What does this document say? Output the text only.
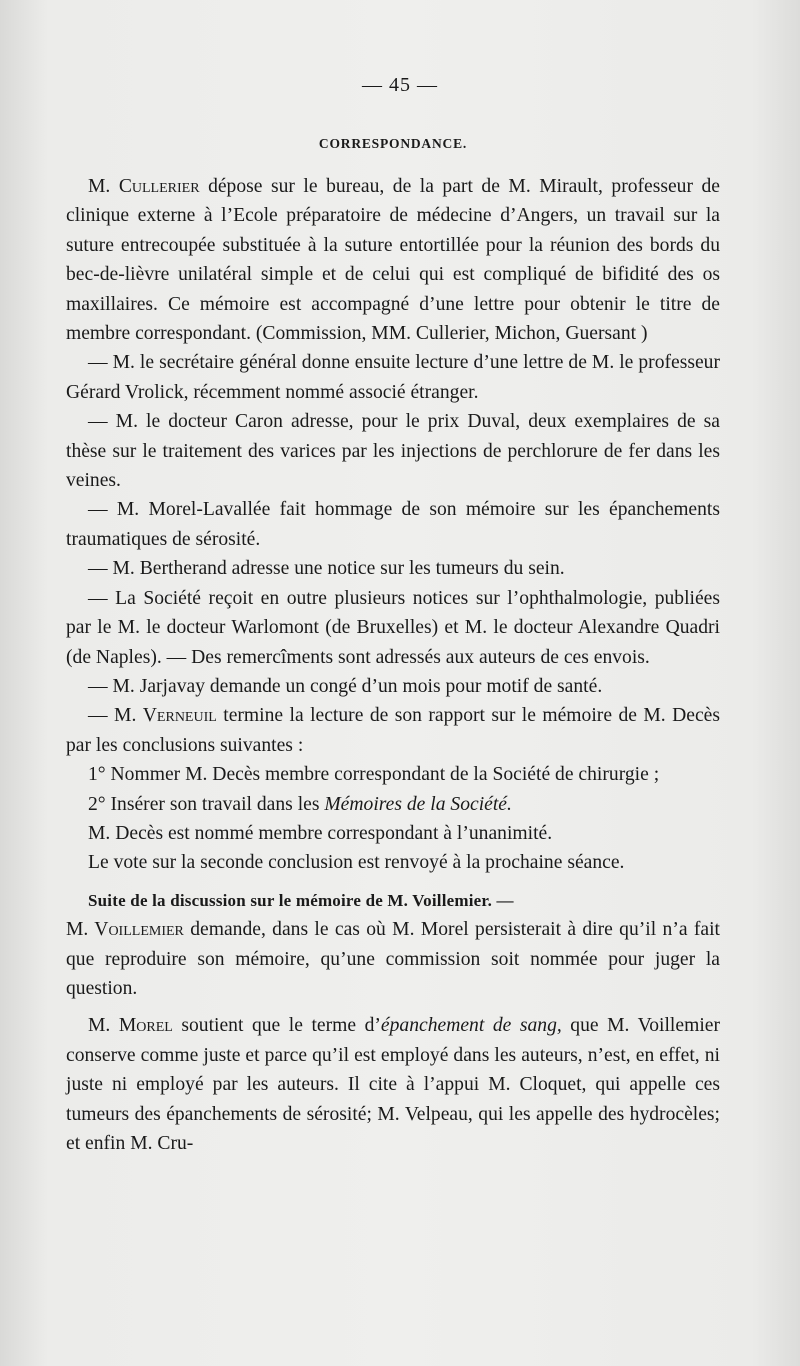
— 45 —
CORRESPONDANCE.

M. Cullerier dépose sur le bureau, de la part de M. Mirault, professeur de clinique externe à l’Ecole préparatoire de médecine d’Angers, un travail sur la suture entrecoupée substituée à la suture entortillée pour la réunion des bords du bec-de-lièvre unilatéral simple et de celui qui est compliqué de bifidité des os maxillaires. Ce mémoire est accompagné d’une lettre pour obtenir le titre de membre correspondant. (Commission, MM. Cullerier, Michon, Guersant )

— M. le secrétaire général donne ensuite lecture d’une lettre de M. le professeur Gérard Vrolick, récemment nommé associé étranger.

— M. le docteur Caron adresse, pour le prix Duval, deux exemplaires de sa thèse sur le traitement des varices par les injections de perchlorure de fer dans les veines.

— M. Morel-Lavallée fait hommage de son mémoire sur les épanchements traumatiques de sérosité.

— M. Bertherand adresse une notice sur les tumeurs du sein.

— La Société reçoit en outre plusieurs notices sur l’ophthalmologie, publiées par le M. le docteur Warlomont (de Bruxelles) et M. le docteur Alexandre Quadri (de Naples). — Des remercîments sont adressés aux auteurs de ces envois.

— M. Jarjavay demande un congé d’un mois pour motif de santé.

— M. Verneuil termine la lecture de son rapport sur le mémoire de M. Decès par les conclusions suivantes :

1° Nommer M. Decès membre correspondant de la Société de chirurgie ;

2° Insérer son travail dans les Mémoires de la Société.

M. Decès est nommé membre correspondant à l’unanimité.

Le vote sur la seconde conclusion est renvoyé à la prochaine séance.

Suite de la discussion sur le mémoire de M. Voillemier. —

M. Voillemier demande, dans le cas où M. Morel persisterait à dire qu’il n’a fait que reproduire son mémoire, qu’une commission soit nommée pour juger la question.

M. Morel soutient que le terme d’épanchement de sang, que M. Voillemier conserve comme juste et parce qu’il est employé dans les auteurs, n’est, en effet, ni juste ni employé par les auteurs. Il cite à l’appui M. Cloquet, qui appelle ces tumeurs des épanchements de sérosité; M. Velpeau, qui les appelle des hydrocèles; et enfin M. Cru-
